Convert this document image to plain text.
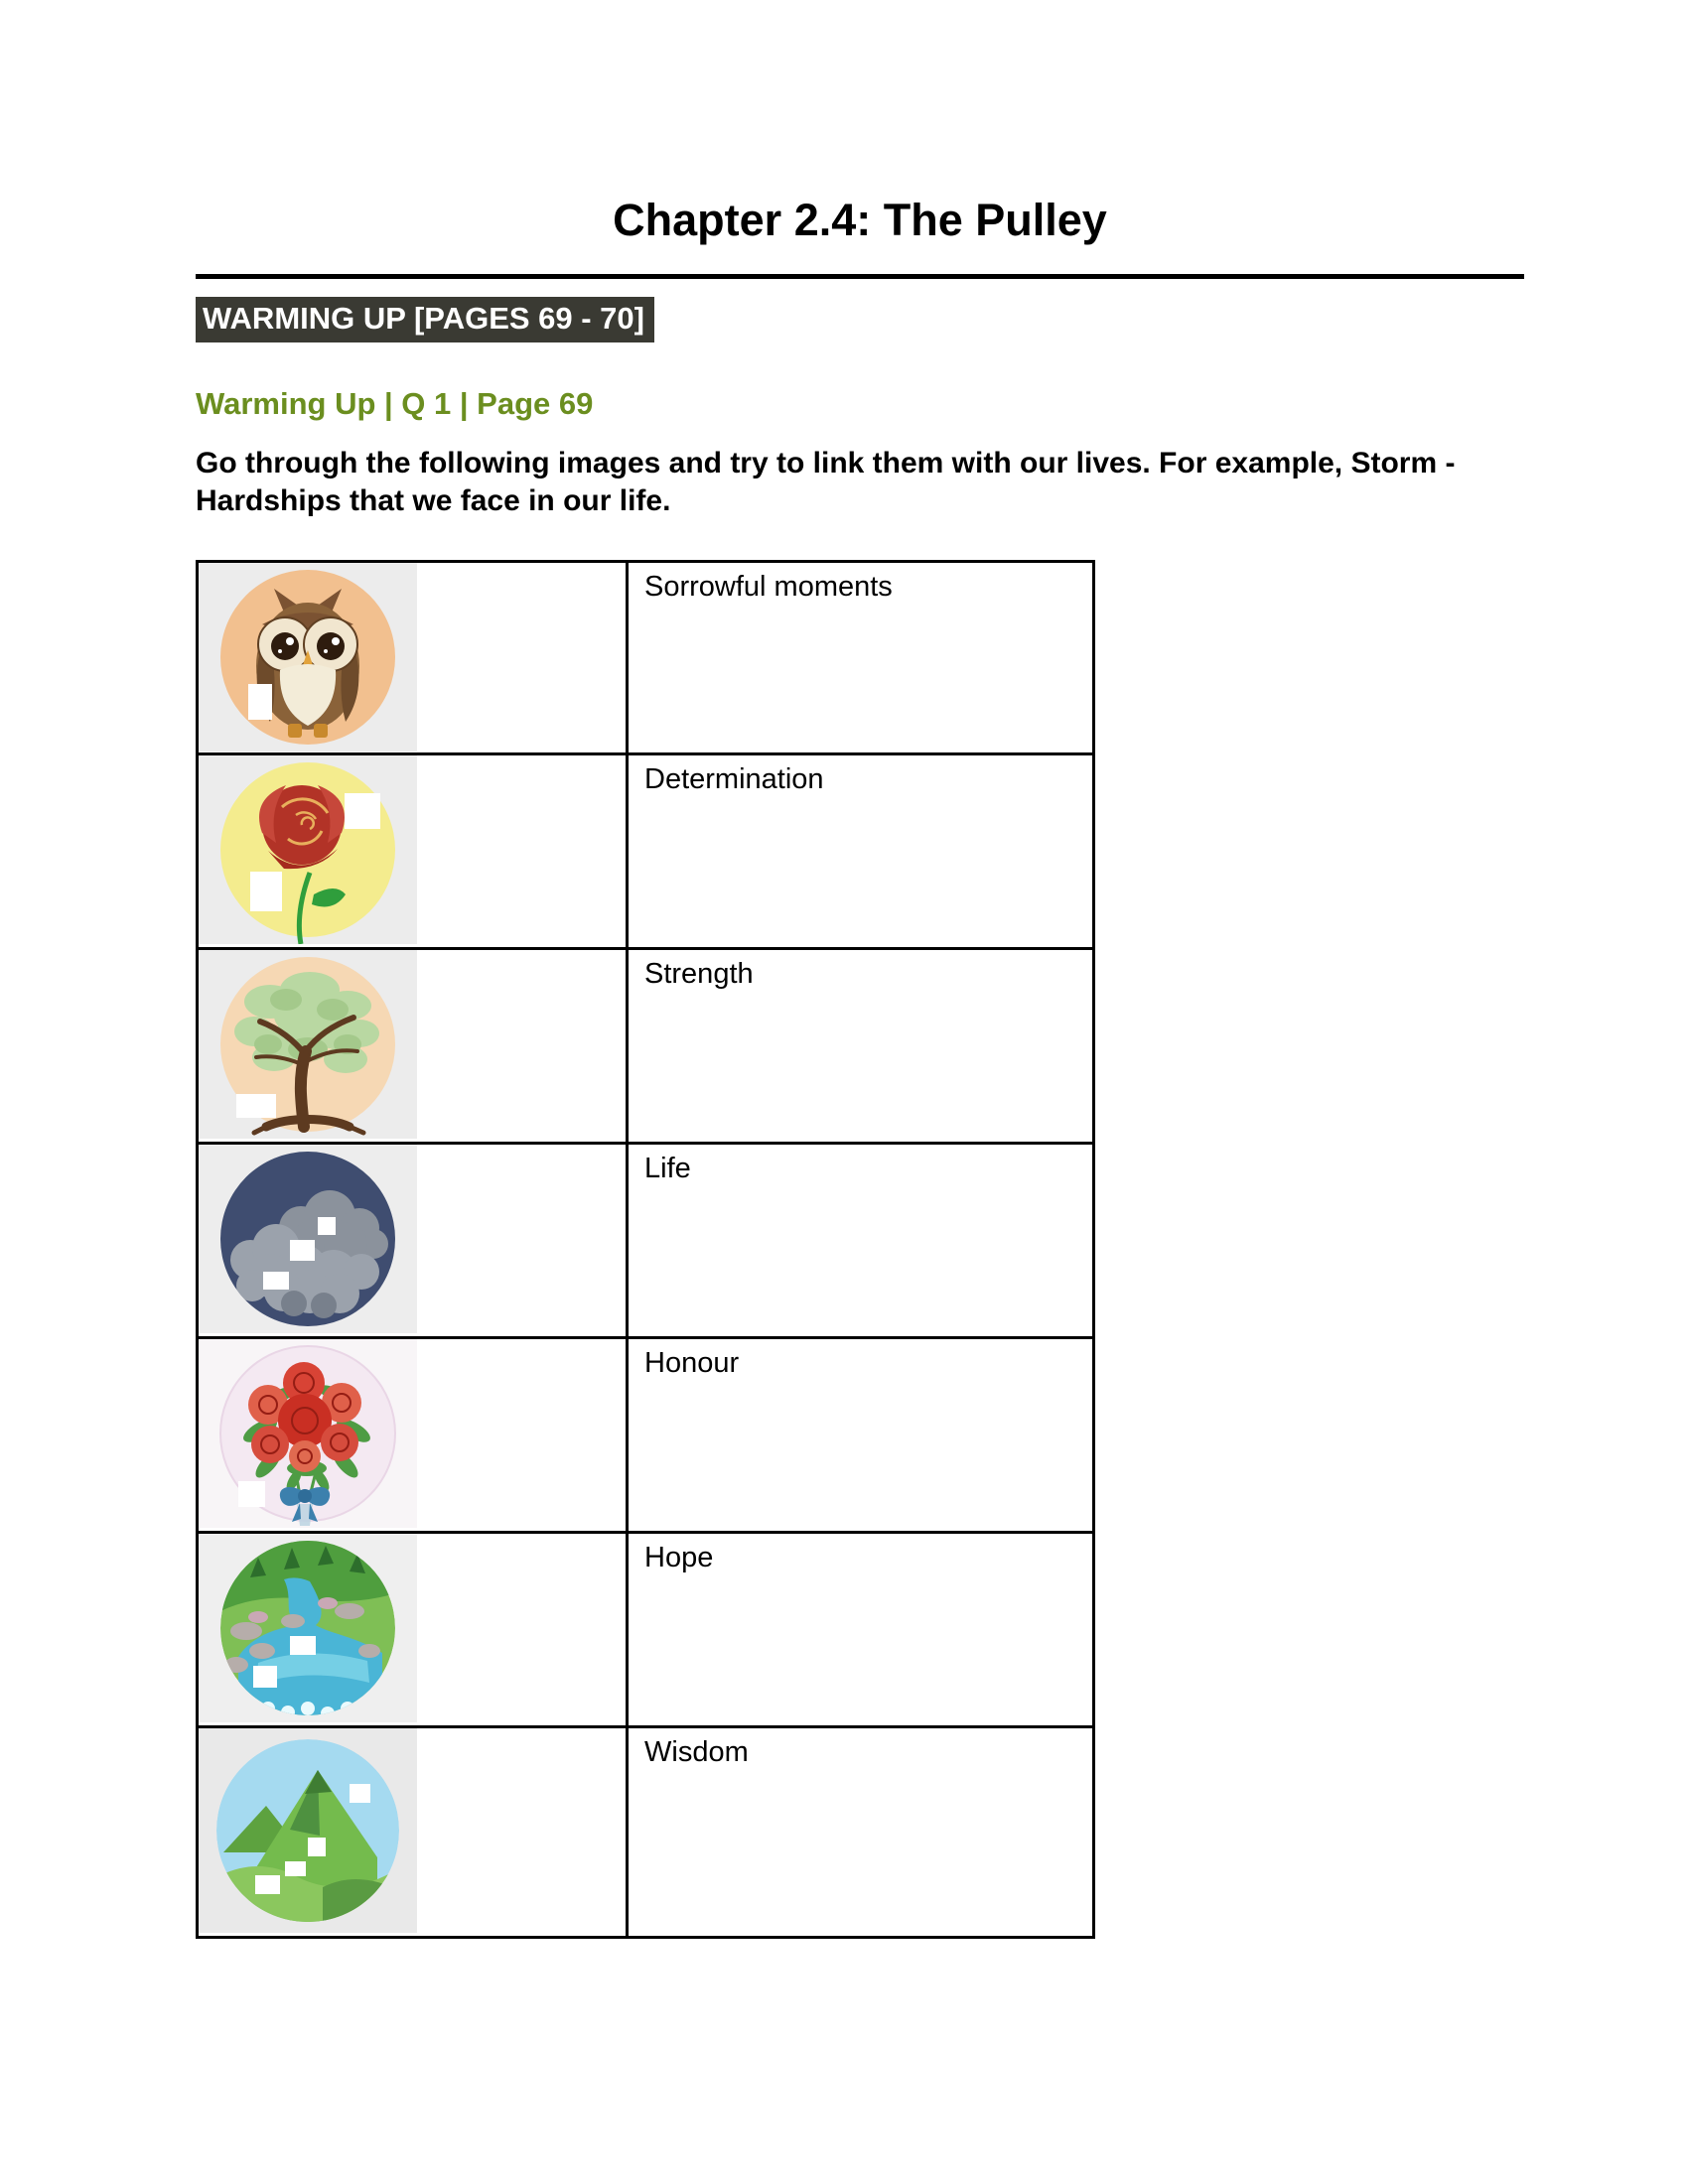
Chapter 2.4: The Pulley
WARMING UP [PAGES 69 - 70]
Warming Up | Q 1 | Page 69

Go through the following images and try to link them with our lives. For example, Storm - Hardships that we face in our life.

	Sorrowful moments

	Determination

	Strength

	Life

	Honour

	Hope

	Wisdom
